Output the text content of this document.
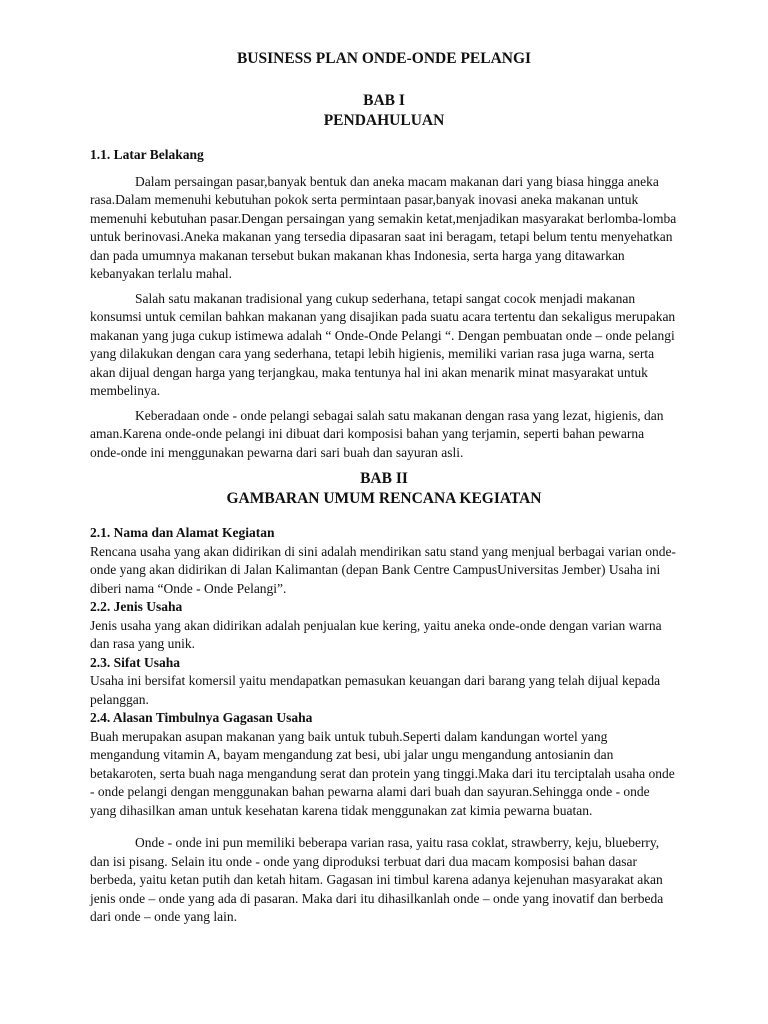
BUSINESS PLAN ONDE-ONDE PELANGI
BAB I
PENDAHULUAN
1.1. Latar Belakang

Dalam persaingan pasar,banyak bentuk dan aneka macam makanan dari yang biasa hingga aneka rasa.Dalam memenuhi kebutuhan pokok serta permintaan pasar,banyak inovasi aneka makanan untuk memenuhi kebutuhan pasar.Dengan persaingan yang semakin ketat,menjadikan masyarakat berlomba-lomba untuk berinovasi.Aneka makanan yang tersedia dipasaran saat ini beragam, tetapi belum tentu menyehatkan dan pada umumnya makanan tersebut bukan makanan khas Indonesia, serta harga yang ditawarkan kebanyakan terlalu mahal.

Salah satu makanan tradisional yang cukup sederhana, tetapi sangat cocok menjadi makanan konsumsi untuk cemilan bahkan makanan yang disajikan pada suatu acara tertentu dan sekaligus merupakan makanan yang juga cukup istimewa adalah “ Onde-Onde Pelangi “. Dengan pembuatan onde – onde pelangi yang dilakukan dengan cara yang sederhana, tetapi lebih higienis, memiliki varian rasa juga warna, serta akan dijual dengan harga yang terjangkau, maka tentunya hal ini akan menarik minat masyarakat untuk membelinya.

Keberadaan onde - onde pelangi sebagai salah satu makanan dengan rasa yang lezat, higienis, dan aman.Karena onde-onde pelangi ini dibuat dari komposisi bahan yang terjamin, seperti bahan pewarna onde-onde ini menggunakan pewarna dari sari buah dan sayuran asli.

BAB II
GAMBARAN UMUM RENCANA KEGIATAN
2.1. Nama dan Alamat Kegiatan

Rencana usaha yang akan didirikan di sini adalah mendirikan satu stand yang menjual berbagai varian onde-onde yang akan didirikan di Jalan Kalimantan (depan Bank Centre CampusUniversitas Jember) Usaha ini diberi nama “Onde - Onde Pelangi”.

2.2. Jenis Usaha

Jenis usaha yang akan didirikan adalah penjualan kue kering, yaitu aneka onde-onde dengan varian warna dan rasa yang unik.

2.3. Sifat Usaha

Usaha ini bersifat komersil yaitu mendapatkan pemasukan keuangan dari barang yang telah dijual kepada pelanggan.

2.4. Alasan Timbulnya Gagasan Usaha

Buah merupakan asupan makanan yang baik untuk tubuh.Seperti dalam kandungan wortel yang mengandung vitamin A, bayam mengandung zat besi, ubi jalar ungu mengandung antosianin dan betakaroten, serta buah naga mengandung serat dan protein yang tinggi.Maka dari itu terciptalah usaha onde - onde pelangi dengan menggunakan bahan pewarna alami dari buah dan sayuran.Sehingga onde - onde yang dihasilkan aman untuk kesehatan karena tidak menggunakan zat kimia pewarna buatan.

Onde - onde ini pun memiliki beberapa varian rasa, yaitu rasa coklat, strawberry, keju, blueberry, dan isi pisang. Selain itu onde - onde yang diproduksi terbuat dari dua macam komposisi bahan dasar berbeda, yaitu ketan putih dan ketah hitam. Gagasan ini timbul karena adanya kejenuhan masyarakat akan jenis onde – onde yang ada di pasaran. Maka dari itu dihasilkanlah onde – onde yang inovatif dan berbeda dari onde – onde yang lain.
